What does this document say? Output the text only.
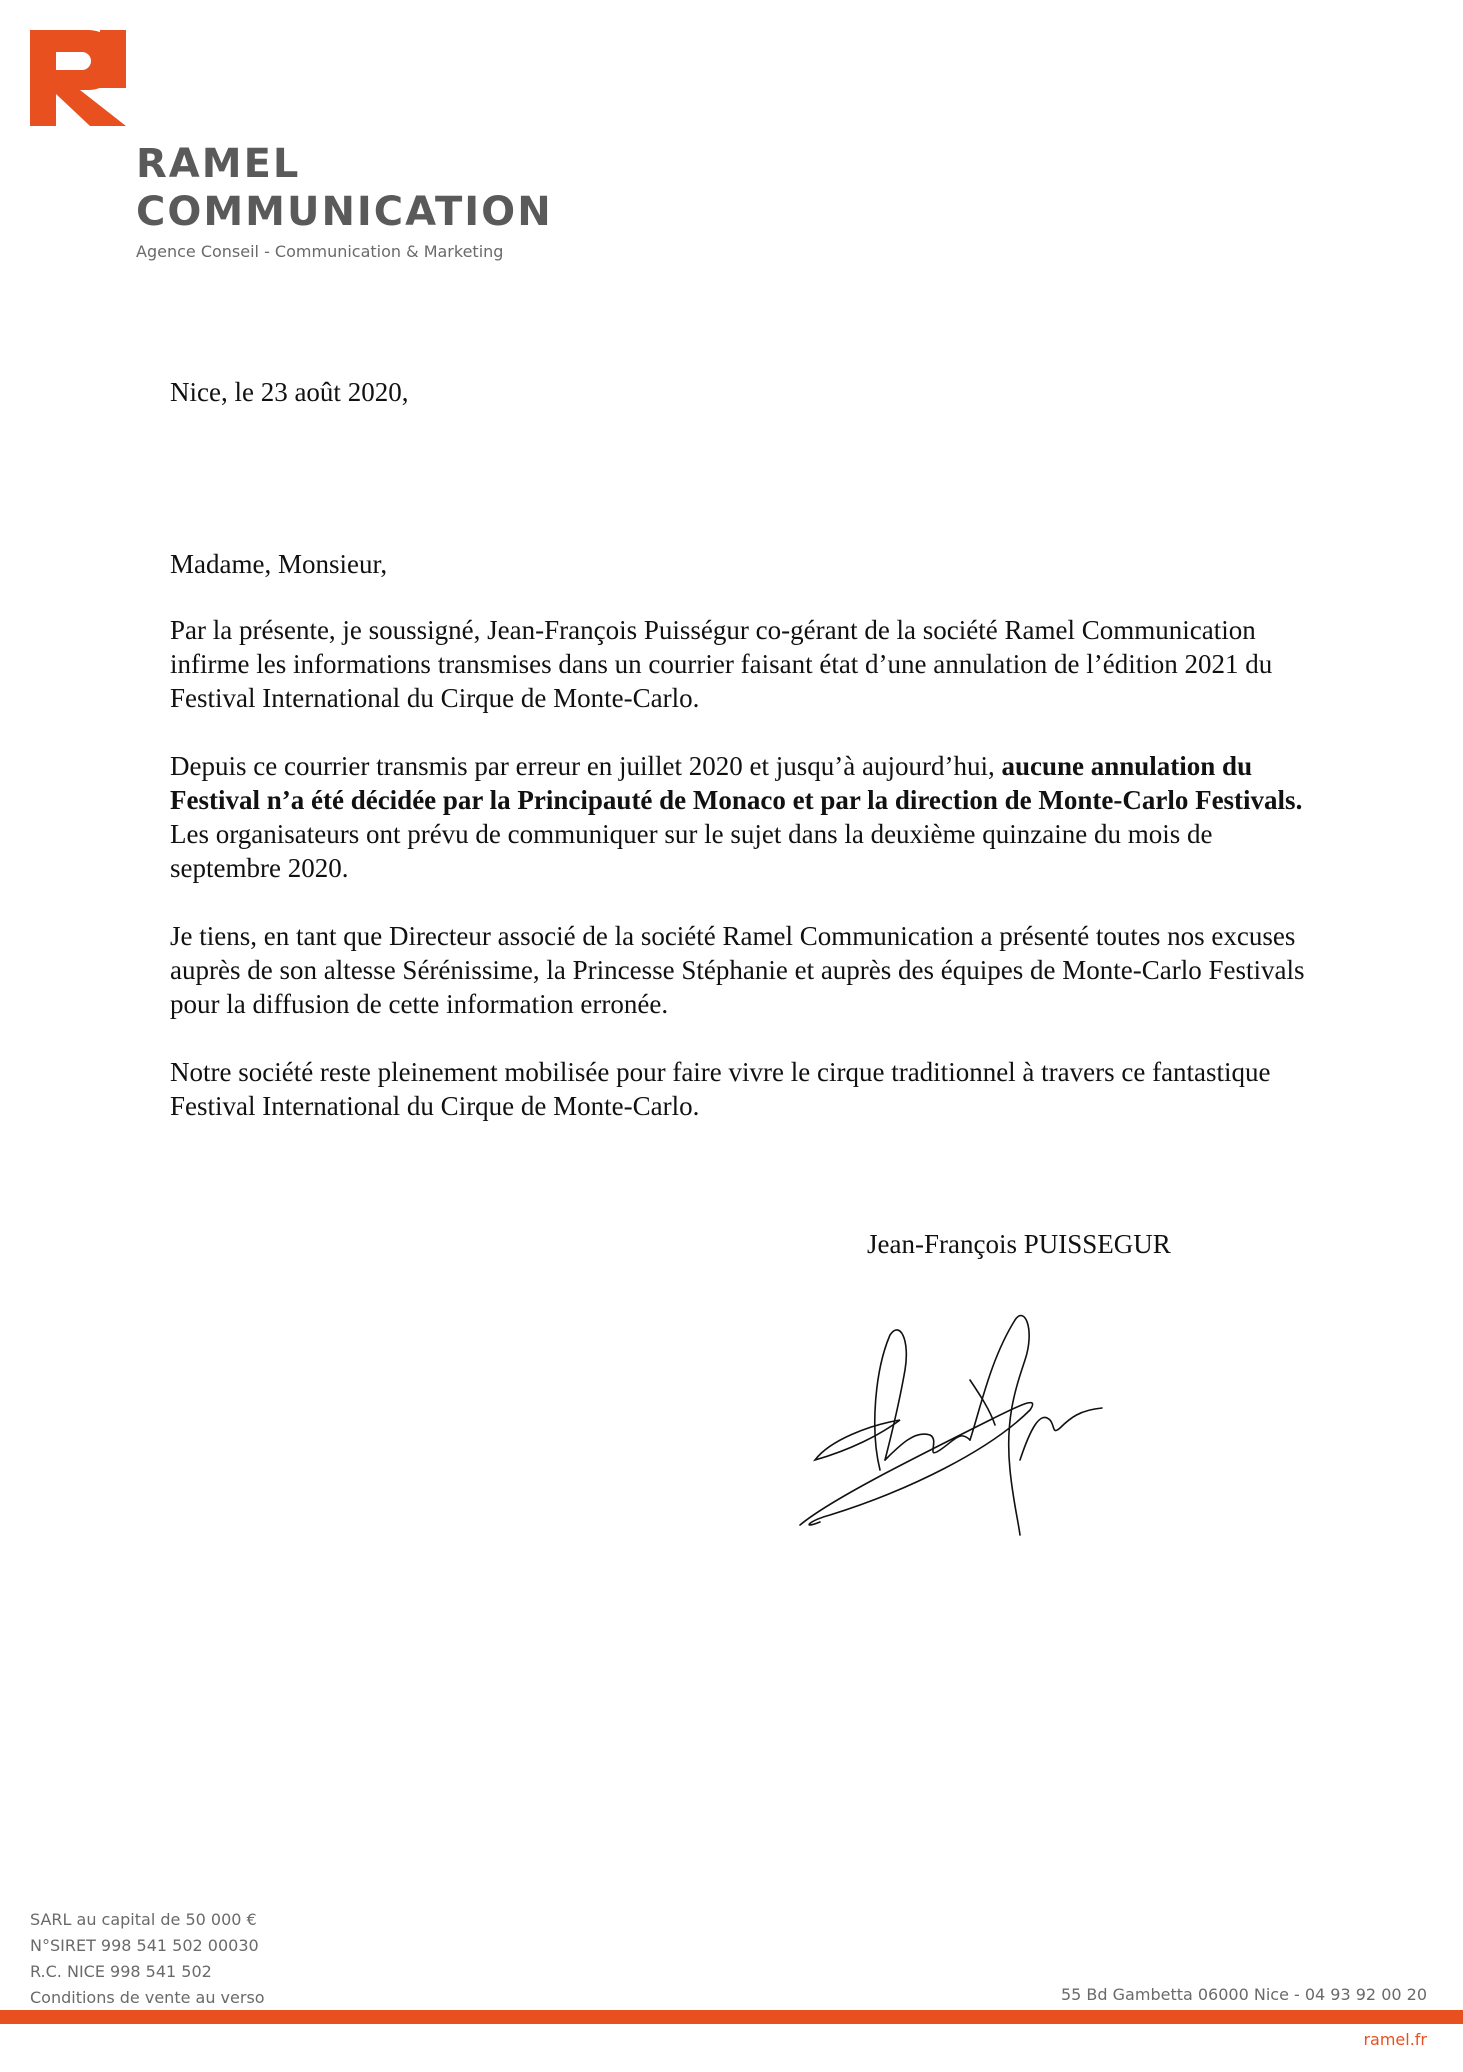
RAMEL
COMMUNICATION
Agence Conseil - Communication & Marketing

Nice, le 23 août 2020,

Madame, Monsieur,

Par la présente, je soussigné, Jean-François Puisségur co-gérant de la société Ramel Communication infirme les informations transmises dans un courrier faisant état d’une annulation de l’édition 2021 du Festival International du Cirque de Monte-Carlo.

Depuis ce courrier transmis par erreur en juillet 2020 et jusqu’à aujourd’hui, aucune annulation du Festival n’a été décidée par la Principauté de Monaco et par la direction de Monte-Carlo Festivals.
Les organisateurs ont prévu de communiquer sur le sujet dans la deuxième quinzaine du mois de septembre 2020.

Je tiens, en tant que Directeur associé de la société Ramel Communication a présenté toutes nos excuses auprès de son altesse Sérénissime, la Princesse Stéphanie et auprès des équipes de Monte-Carlo Festivals pour la diffusion de cette information erronée.

Notre société reste pleinement mobilisée pour faire vivre le cirque traditionnel à travers ce fantastique Festival International du Cirque de Monte-Carlo.

Jean-François PUISSEGUR
SARL au capital de 50 000 €
N°SIRET 998 541 502 00030
R.C. NICE 998 541 502
Conditions de vente au verso	55 Bd Gambetta 06000 Nice - 04 93 92 00 20
ramel.fr
